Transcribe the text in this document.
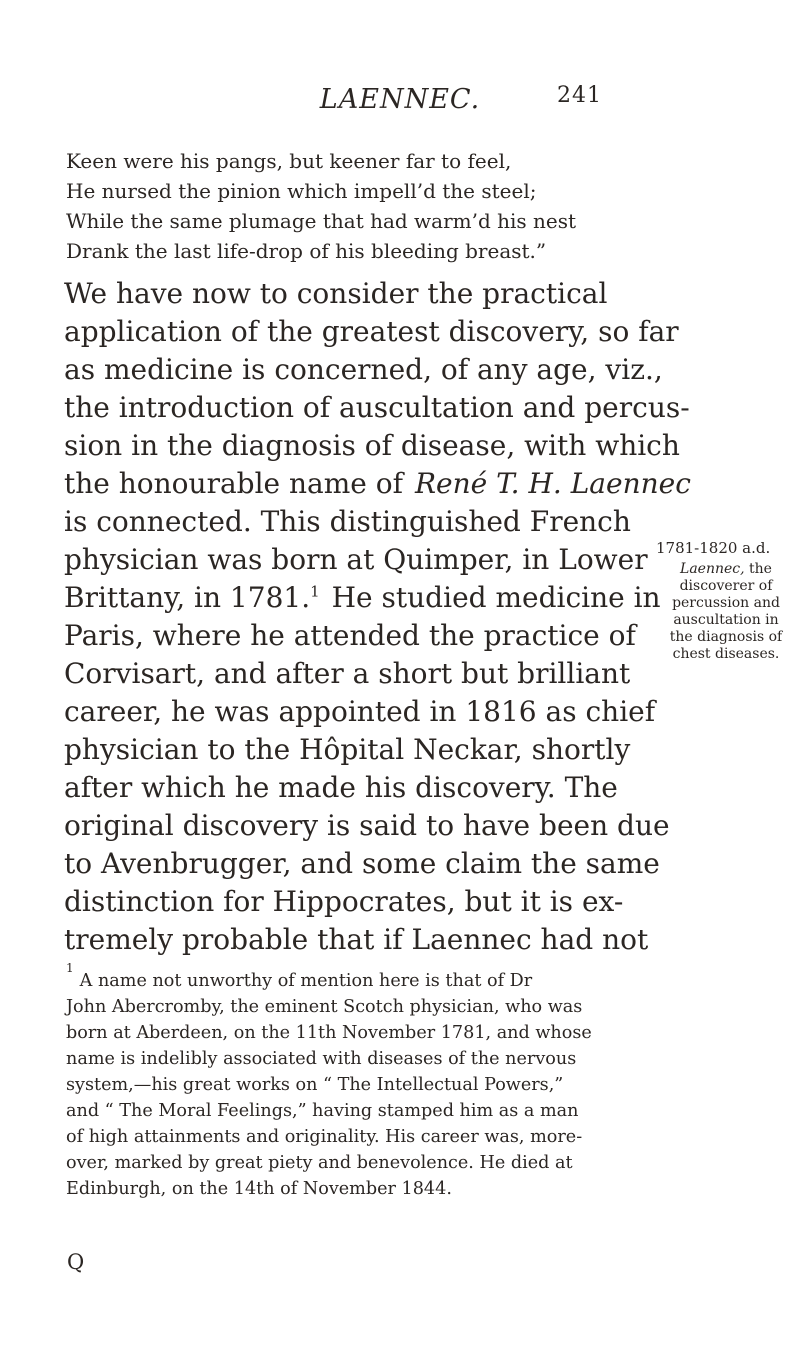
LAENNEC.	241
Keen were his pangs, but keener far to feel,
He nursed the pinion which impell’d the steel;
While the same plumage that had warm’d his nest
Drank the last life-drop of his bleeding breast.”
We have now to consider the practical
application of the greatest discovery, so far
as medicine is concerned, of any age, viz.,
the introduction of auscultation and percus-
sion in the diagnosis of disease, with which
the honourable name of René T. H. Laennec
is connected. This distinguished French
physician was born at Quimper, in Lower
Brittany, in 1781.$^1$ He studied medicine in
Paris, where he attended the practice of
Corvisart, and after a short but brilliant
career, he was appointed in 1816 as chief
physician to the Hôpital Neckar, shortly
after which he made his discovery. The
original discovery is said to have been due
to Avenbrugger, and some claim the same
distinction for Hippocrates, but it is ex-
tremely probable that if Laennec had not
1781-1820 a.d.
Laennec, the
discoverer of
percussion and
auscultation in
the diagnosis of
chest diseases.
1
A name not unworthy of mention here is that of Dr
John Abercromby, the eminent Scotch physician, who was
born at Aberdeen, on the 11th November 1781, and whose
name is indelibly associated with diseases of the nervous
system,—his great works on “ The Intellectual Powers,”
and “ The Moral Feelings,” having stamped him as a man
of high attainments and originality. His career was, more-
over, marked by great piety and benevolence. He died at
Edinburgh, on the 14th of November 1844.
Q
